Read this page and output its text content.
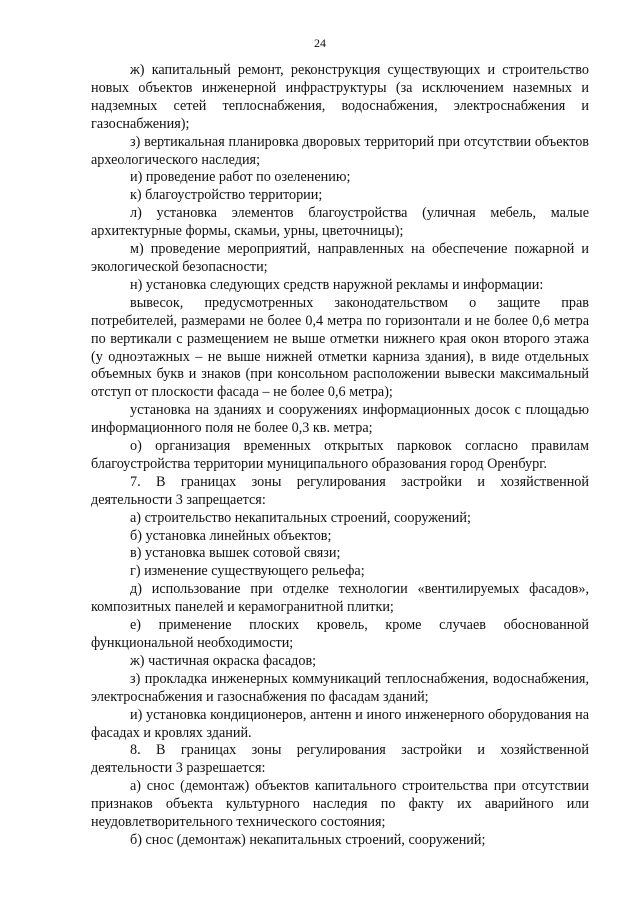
24

ж) капитальный ремонт, реконструкция существующих и строительство новых объектов инженерной инфраструктуры (за исключением наземных и надземных сетей теплоснабжения, водоснабжения, электроснабжения и газоснабжения);

з) вертикальная планировка дворовых территорий при отсутствии объектов археологического наследия;

и) проведение работ по озеленению;

к) благоустройство территории;

л) установка элементов благоустройства (уличная мебель, малые архитектурные формы, скамьи, урны, цветочницы);

м) проведение мероприятий, направленных на обеспечение пожарной и экологической безопасности;

н) установка следующих средств наружной рекламы и информации:

вывесок, предусмотренных законодательством о защите прав потребителей, размерами не более 0,4 метра по горизонтали и не более 0,6 метра по вертикали с размещением не выше отметки нижнего края окон второго этажа (у одноэтажных – не выше нижней отметки карниза здания), в виде отдельных объемных букв и знаков (при консольном расположении вывески максимальный отступ от плоскости фасада – не более 0,6 метра);

установка на зданиях и сооружениях информационных досок с площадью информационного поля не более 0,3 кв. метра;

о) организация временных открытых парковок согласно правилам благоустройства территории муниципального образования город Оренбург.

7. В границах зоны регулирования застройки и хозяйственной деятельности 3 запрещается:

а) строительство некапитальных строений, сооружений;

б) установка линейных объектов;

в) установка вышек сотовой связи;

г) изменение существующего рельефа;

д) использование при отделке технологии «вентилируемых фасадов», композитных панелей и керамогранитной плитки;

е) применение плоских кровель, кроме случаев обоснованной функциональной необходимости;

ж) частичная окраска фасадов;

з) прокладка инженерных коммуникаций теплоснабжения, водоснабжения, электроснабжения и газоснабжения по фасадам зданий;

и) установка кондиционеров, антенн и иного инженерного оборудования на фасадах и кровлях зданий.

8. В границах зоны регулирования застройки и хозяйственной деятельности 3 разрешается:

а) снос (демонтаж) объектов капитального строительства при отсутствии признаков объекта культурного наследия по факту их аварийного или неудовлетворительного технического состояния;

б) снос (демонтаж) некапитальных строений, сооружений;
